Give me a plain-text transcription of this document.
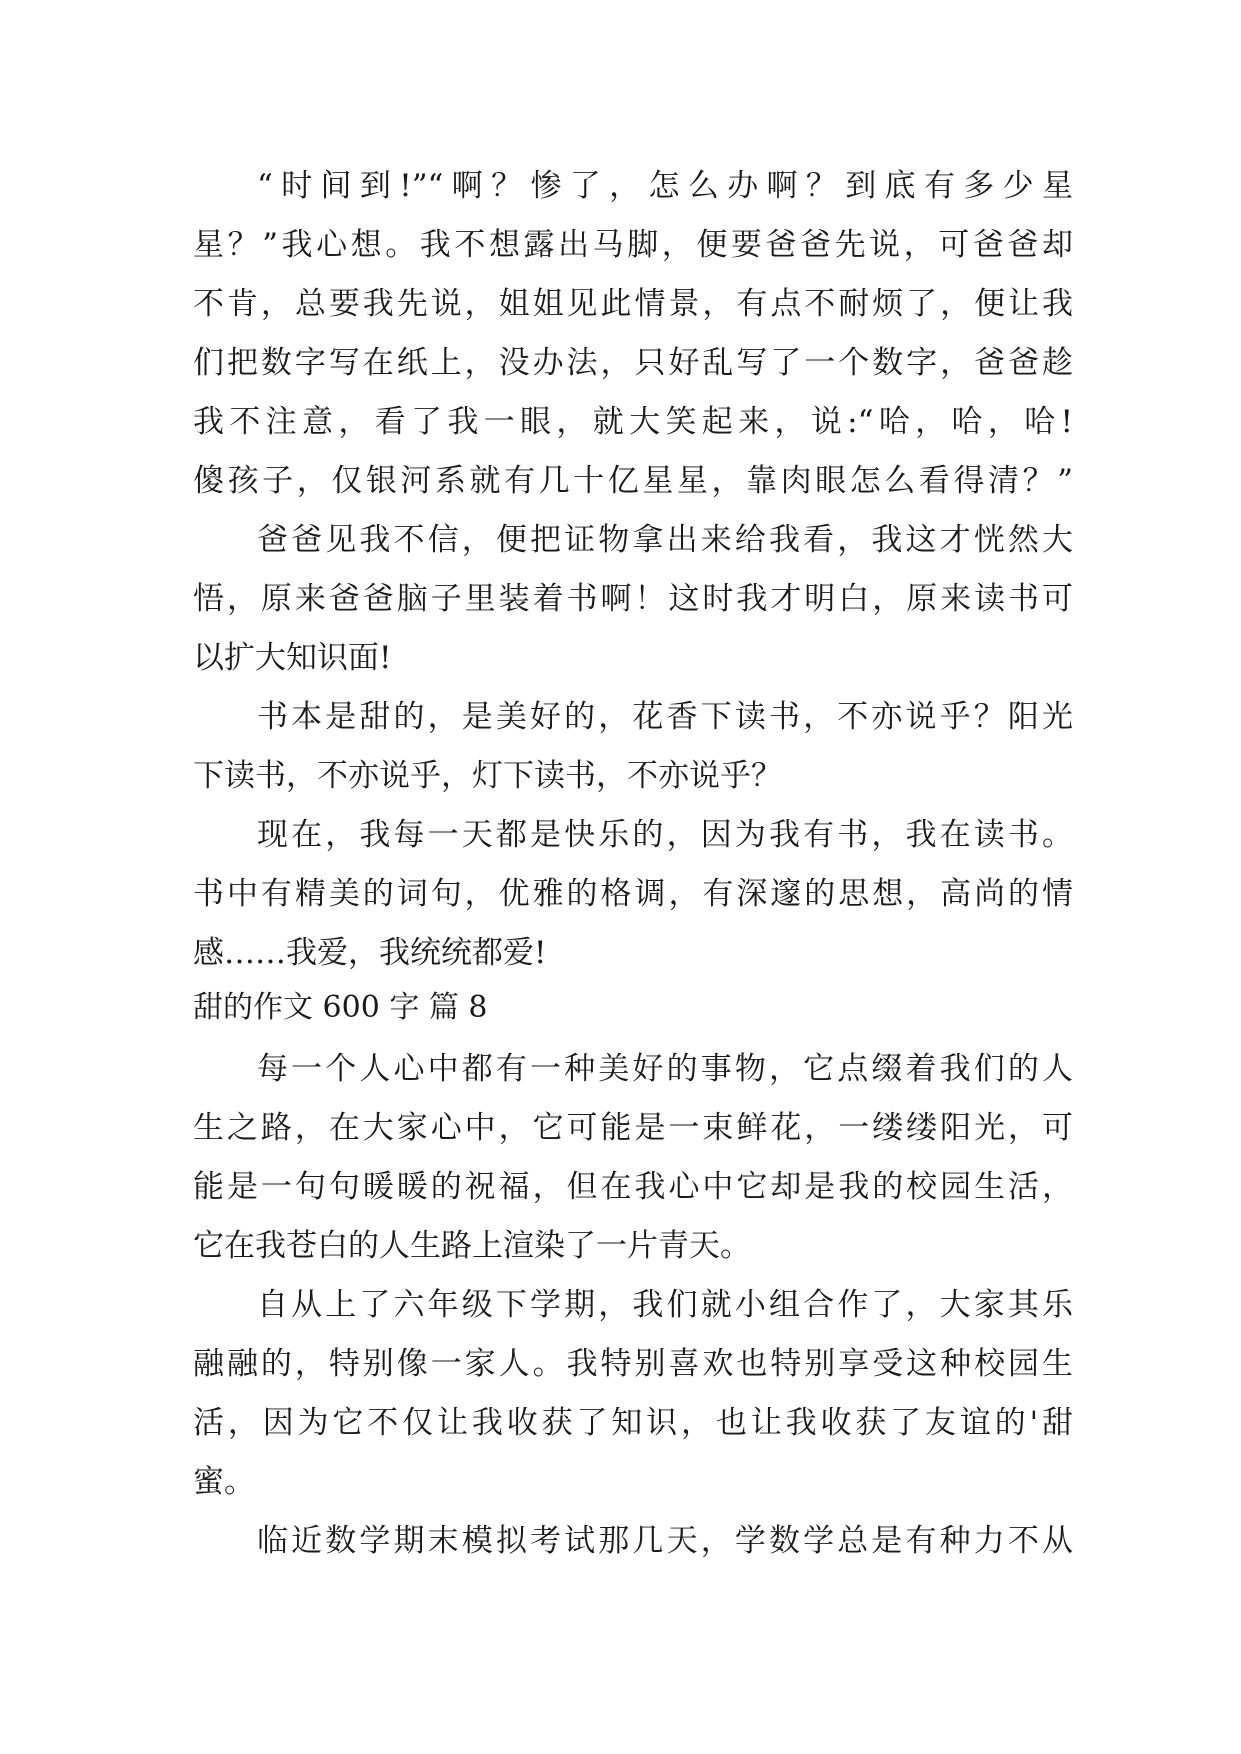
“时间到!”“啊？惨了，怎么办啊？到底有多少星

星？”我心想。我不想露出马脚，便要爸爸先说，可爸爸却

不肯，总要我先说，姐姐见此情景，有点不耐烦了，便让我

们把数字写在纸上，没办法，只好乱写了一个数字，爸爸趁

我不注意，看了我一眼，就大笑起来，说:“哈，哈，哈!

傻孩子，仅银河系就有几十亿星星，靠肉眼怎么看得清？”

爸爸见我不信，便把证物拿出来给我看，我这才恍然大

悟，原来爸爸脑子里装着书啊！这时我才明白，原来读书可

以扩大知识面!

书本是甜的，是美好的，花香下读书，不亦说乎？阳光

下读书，不亦说乎，灯下读书，不亦说乎？

现在，我每一天都是快乐的，因为我有书，我在读书。

书中有精美的词句，优雅的格调，有深邃的思想，高尚的情

感……我爱，我统统都爱!

甜的作文 600 字 篇 8

每一个人心中都有一种美好的事物，它点缀着我们的人

生之路，在大家心中，它可能是一束鲜花，一缕缕阳光，可

能是一句句暖暖的祝福，但在我心中它却是我的校园生活，

它在我苍白的人生路上渲染了一片青天。

自从上了六年级下学期，我们就小组合作了，大家其乐

融融的，特别像一家人。我特别喜欢也特别享受这种校园生

活，因为它不仅让我收获了知识，也让我收获了友谊的'甜

蜜。

临近数学期末模拟考试那几天，学数学总是有种力不从
